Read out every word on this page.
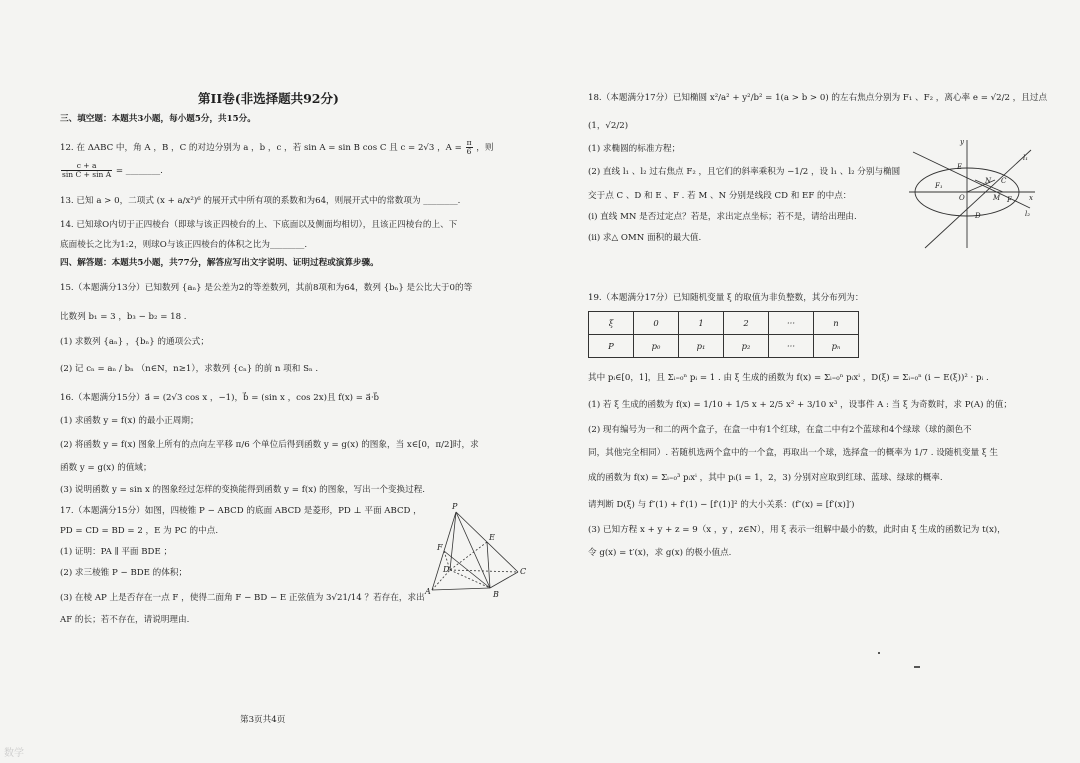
第II卷(非选择题共92分)
三、填空题：本题共3小题，每小题5分，共15分。
12. 在 ΔABC 中，角 A ，B ，C 的对边分别为 a ，b ，c ，若 sin A = sin B cos C 且 c = 2√3 ，$A = \frac{\pi}{6}$ ，则
$\frac{c + a}{\text{sin C + sin A}}$ = ________.
13. 已知 a > 0，二项式 (x + a/x²)⁶ 的展开式中所有项的系数和为64，则展开式中的常数项为 ________.
14. 已知球O内切于正四棱台（即球与该正四棱台的上、下底面以及侧面均相切），且该正四棱台的上、下
底面棱长之比为1:2，则球O与该正四棱台的体积之比为________.
四、解答题：本题共5小题，共77分，解答应写出文字说明、证明过程或演算步骤。
15.（本题满分13分）已知数列 {aₙ} 是公差为2的等差数列，其前8项和为64，数列 {bₙ} 是公比大于0的等
比数列 b₁ = 3 ，b₃ − b₂ = 18 .
(1) 求数列 {aₙ} ，{bₙ} 的通项公式；
(2) 记 cₙ = aₙ / bₙ （n∈N，n≥1），求数列 {cₙ} 的前 n 项和 Sₙ .
16.（本题满分15分）a⃗ = (2√3 cos x ，−1)，b⃗ = (sin x ，cos 2x)且 f(x) = a⃗·b⃗
(1) 求函数 y = f(x) 的最小正周期；
(2) 将函数 y = f(x) 图象上所有的点向左平移 π/6 个单位后得到函数 y = g(x) 的图象，当 x∈[0，π/2]时，求
函数 y = g(x) 的值域；
(3) 说明函数 y = sin x 的图象经过怎样的变换能得到函数 y = f(x) 的图象，写出一个变换过程.
17.（本题满分15分）如图，四棱锥 P − ABCD 的底面 ABCD 是菱形，PD ⊥ 平面 ABCD ，
PD = CD = BD = 2 ，E 为 PC 的中点.
(1) 证明：PA ∥ 平面 BDE ；
(2) 求三棱锥 P − BDE 的体积；
(3) 在棱 AP 上是否存在一点 F ，使得二面角 F − BD − E 正弦值为 3√21/14 ？若存在，求出
AF 的长；若不存在，请说明理由.
P
E
F
D	C
A	B
18.（本题满分17分）已知椭圆 x²/a² + y²/b² = 1(a > b > 0) 的左右焦点分别为 F₁ 、F₂ ，离心率 e = √2/2 ，且过点
(1，√2/2)
(1) 求椭圆的标准方程；
(2) 直线 l₁ 、l₂ 过右焦点 F₂ ，且它们的斜率乘积为 −1/2 ，设 l₁ 、l₂ 分别与椭圆
交于点 C 、D 和 E 、F . 若 M 、N 分别是线段 CD 和 EF 的中点：
(i) 直线 MN 是否过定点？若是，求出定点坐标；若不是，请给出理由.
(ii) 求△ OMN 面积的最大值.
y
l₁
E
F₁
O
N C
M F
D
x
l₂
19.（本题满分17分）已知随机变量 ξ 的取值为非负整数，其分布列为：
ξ	0	1	2	···	n
P	p₀	p₁	p₂	···	pₙ
其中 pᵢ∈[0，1]，且 Σᵢ₌₀ⁿ pᵢ = 1 . 由 ξ 生成的函数为 f(x) = Σᵢ₌₀ⁿ pᵢxⁱ ，D(ξ) = Σᵢ₌₀ⁿ (i − E(ξ))² · pᵢ .
(1) 若 ξ 生成的函数为 f(x) = 1/10 + 1/5 x + 2/5 x² + 3/10 x³ ，设事件 A : 当 ξ 为奇数时，求 P(A) 的值；
(2) 现有编号为一和二的两个盒子，在盒一中有1个红球，在盒二中有2个蓝球和4个绿球（球的颜色不
同，其他完全相同）. 若随机选两个盒中的一个盒，再取出一个球，选择盒一的概率为 1/7 . 设随机变量 ξ 生
成的函数为 f(x) = Σᵢ₌₀³ pᵢxⁱ ，其中 pᵢ(i = 1，2，3) 分别对应取到红球、蓝球、绿球的概率.
请判断 D(ξ) 与 f″(1) + f′(1) − [f′(1)]² 的大小关系：(f″(x) = [f′(x)]′)
(3) 已知方程 x + y + z = 9（x ，y ，z∈N），用 ξ 表示一组解中最小的数，此时由 ξ 生成的函数记为 t(x)，
令 g(x) = t′(x)，求 g(x) 的极小值点.
第3页共4页
数学
